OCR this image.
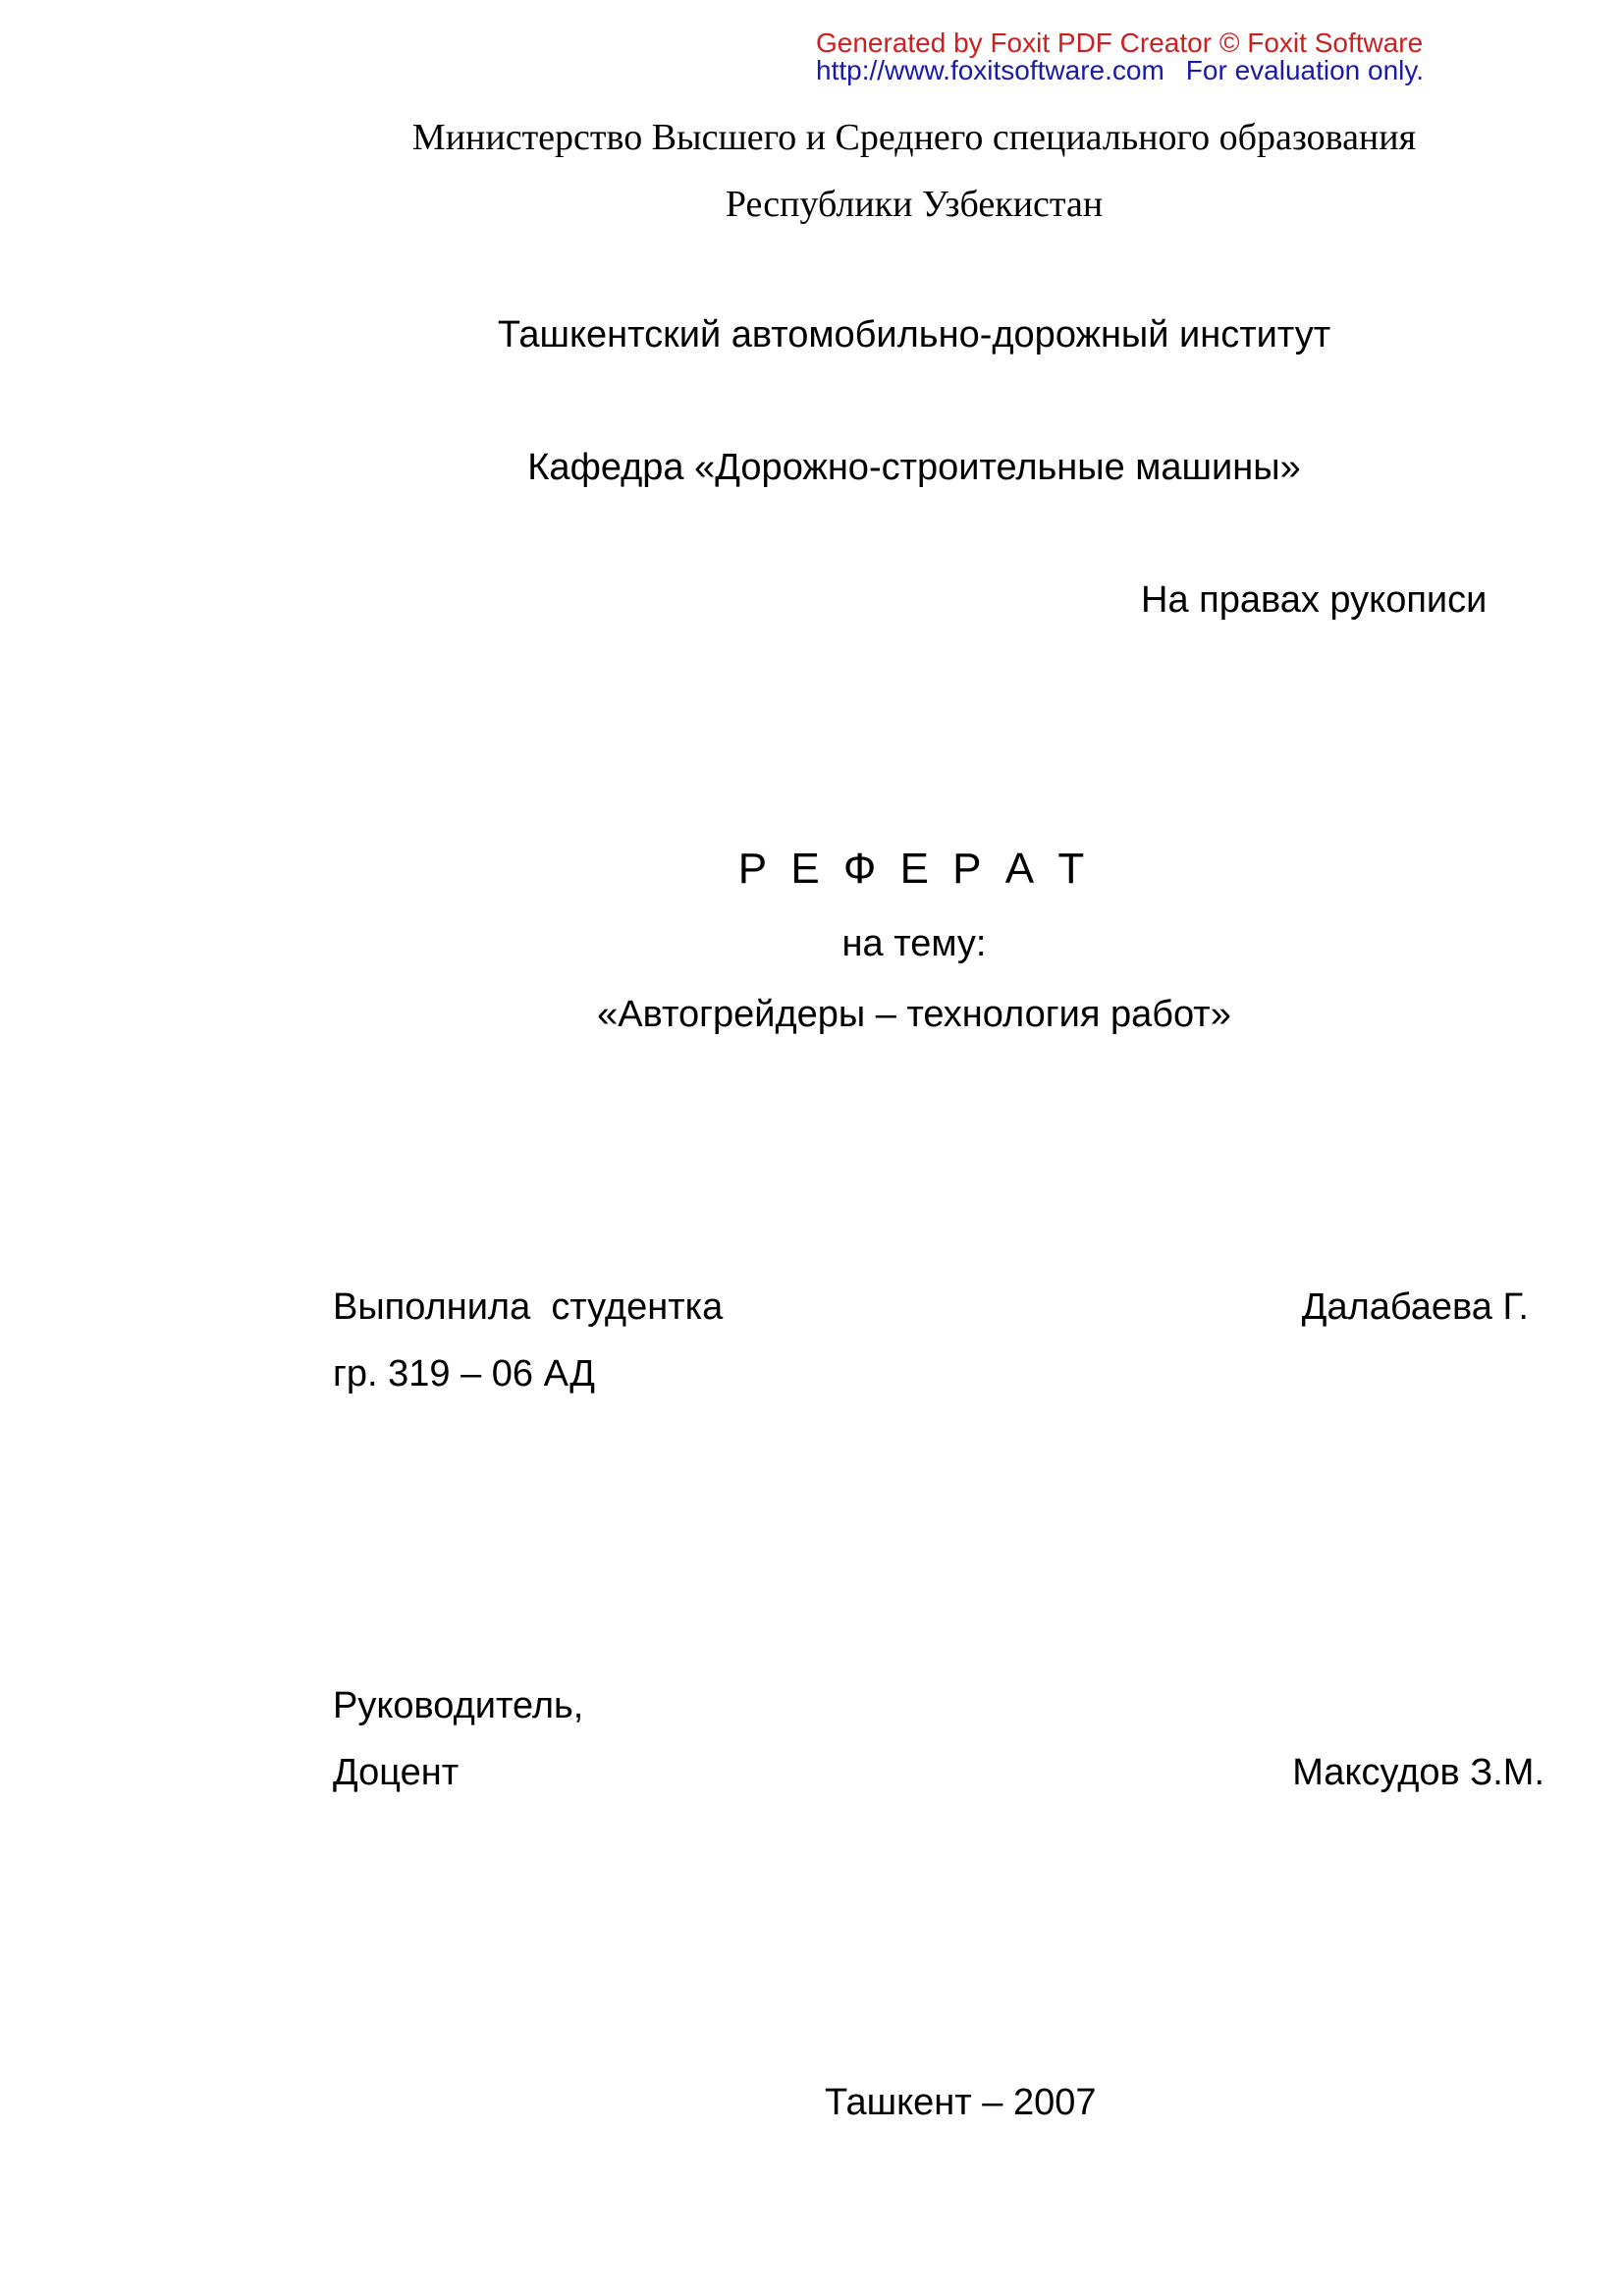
Generated by Foxit PDF Creator © Foxit Software
http://www.foxitsoftware.com For evaluation only.
Министерство Высшего и Среднего специального образования
Республики Узбекистан
Ташкентский автомобильно-дорожный институт
Кафедра «Дорожно-строительные машины»
На правах рукописи
Р Е Ф Е Р А Т
на тему:
«Автогрейдеры – технология работ»
Выполнила  студентка	Далабаева Г.
гр. 319 – 06 АД
Руководитель,
Доцент	Максудов З.М.
Ташкент – 2007
